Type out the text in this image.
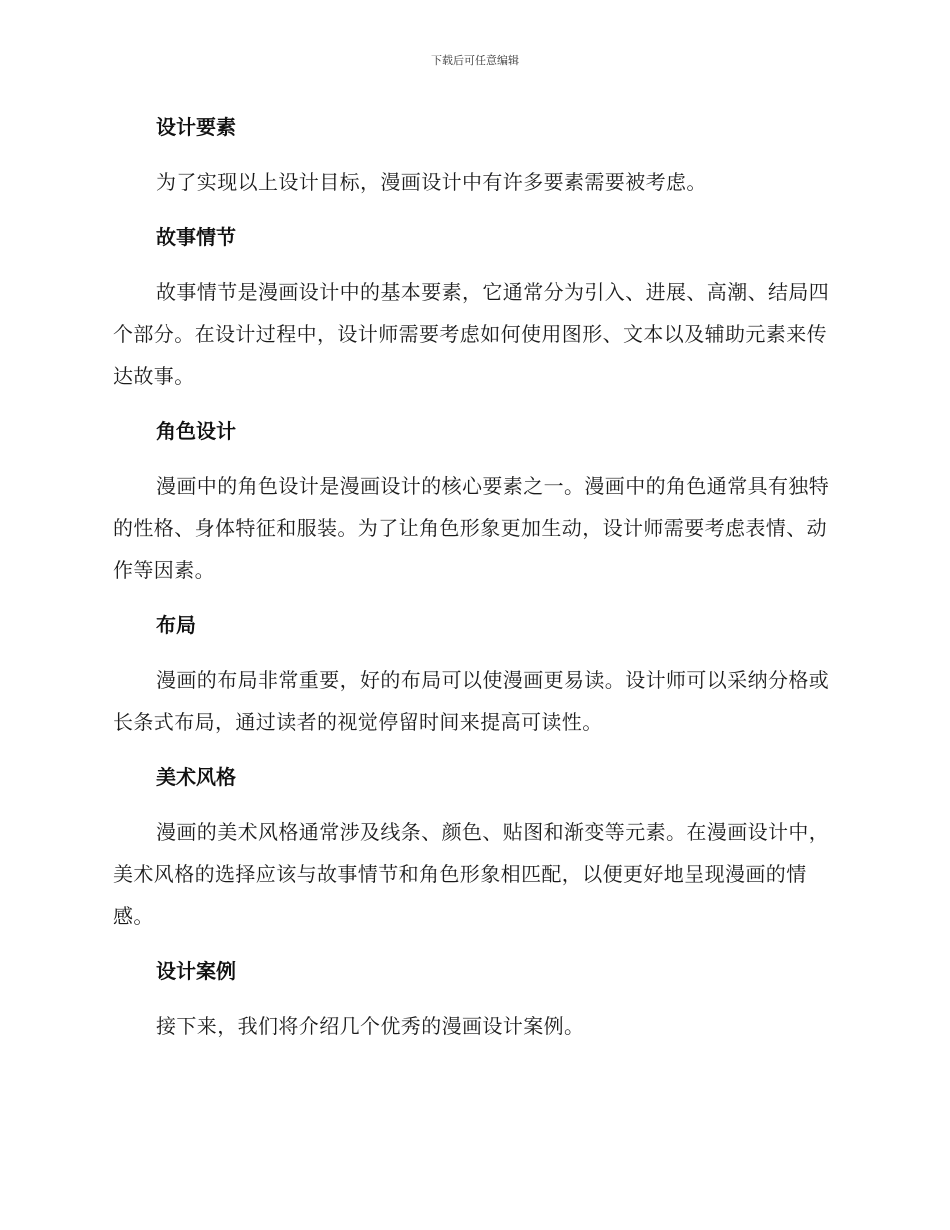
下载后可任意编辑
设计要素

为了实现以上设计目标，漫画设计中有许多要素需要被考虑。

故事情节

故事情节是漫画设计中的基本要素，它通常分为引入、进展、高潮、结局四个部分。在设计过程中，设计师需要考虑如何使用图形、文本以及辅助元素来传达故事。

角色设计

漫画中的角色设计是漫画设计的核心要素之一。漫画中的角色通常具有独特的性格、身体特征和服装。为了让角色形象更加生动，设计师需要考虑表情、动作等因素。

布局

漫画的布局非常重要，好的布局可以使漫画更易读。设计师可以采纳分格或长条式布局，通过读者的视觉停留时间来提高可读性。

美术风格

漫画的美术风格通常涉及线条、颜色、贴图和渐变等元素。在漫画设计中，美术风格的选择应该与故事情节和角色形象相匹配，以便更好地呈现漫画的情感。

设计案例

接下来，我们将介绍几个优秀的漫画设计案例。
